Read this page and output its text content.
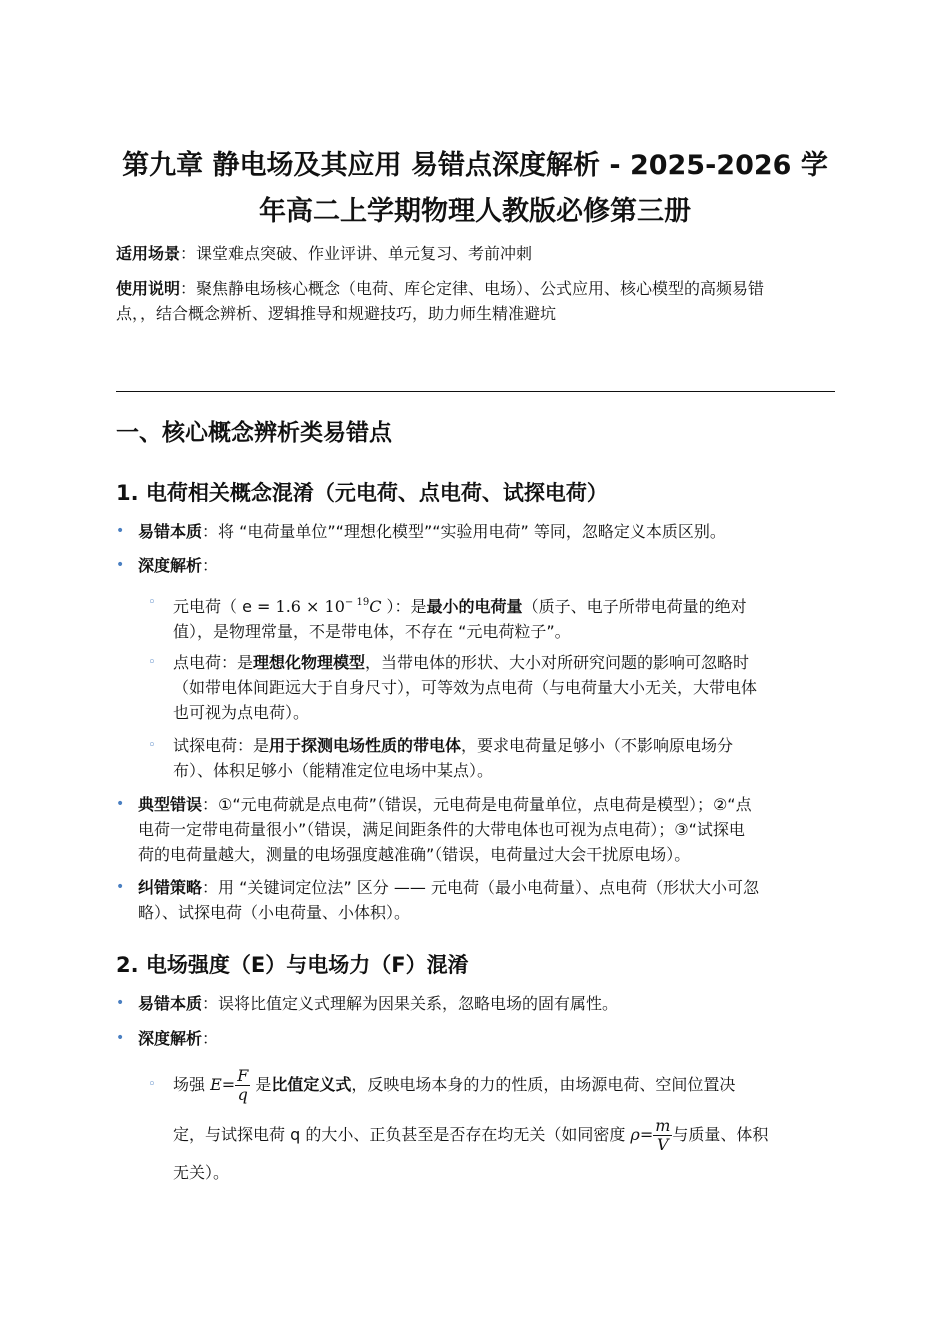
第九章 静电场及其应用 易错点深度解析 - 2025-2026 学
年高二上学期物理人教版必修第三册

适用场景：课堂难点突破、作业评讲、单元复习、考前冲刺

使用说明：聚焦静电场核心概念（电荷、库仑定律、电场）、公式应用、核心模型的高频易错
点，，结合概念辨析、逻辑推导和规避技巧，助力师生精准避坑

一、核心概念辨析类易错点
1. 电荷相关概念混淆（元电荷、点电荷、试探电荷）
• 易错本质：将 “电荷量单位”“理想化模型”“实验用电荷” 等同，忽略定义本质区别。
• 深度解析：
◦ 元电荷（ $e = 1.6 \times 10^{- 19}C$ ）：是最小的电荷量（质子、电子所带电荷量的绝对
值），是物理常量，不是带电体，不存在 “元电荷粒子”。
◦ 点电荷：是理想化物理模型，当带电体的形状、大小对所研究问题的影响可忽略时
（如带电体间距远大于自身尺寸），可等效为点电荷（与电荷量大小无关，大带电体
也可视为点电荷）。
◦ 试探电荷：是用于探测电场性质的带电体，要求电荷量足够小（不影响原电场分
布）、体积足够小（能精准定位电场中某点）。
• 典型错误：①“元电荷就是点电荷”（错误，元电荷是电荷量单位，点电荷是模型）；②“点
电荷一定带电荷量很小”（错误，满足间距条件的大带电体也可视为点电荷）；③“试探电
荷的电荷量越大，测量的电场强度越准确”（错误，电荷量过大会干扰原电场）。
• 纠错策略：用 “关键词定位法” 区分 —— 元电荷（最小电荷量）、点电荷（形状大小可忽
略）、试探电荷（小电荷量、小体积）。
2. 电场强度（E）与电场力（F）混淆
• 易错本质：误将比值定义式理解为因果关系，忽略电场的固有属性。
• 深度解析：
◦ 场强 $E= \frac{F}{q}$ 是比值定义式，反映电场本身的力的性质，由场源电荷、空间位置决
定，与试探电荷 q 的大小、正负甚至是否存在均无关（如同密度 $\rho= \frac{m}{V}$ 与质量、体积
无关）。
